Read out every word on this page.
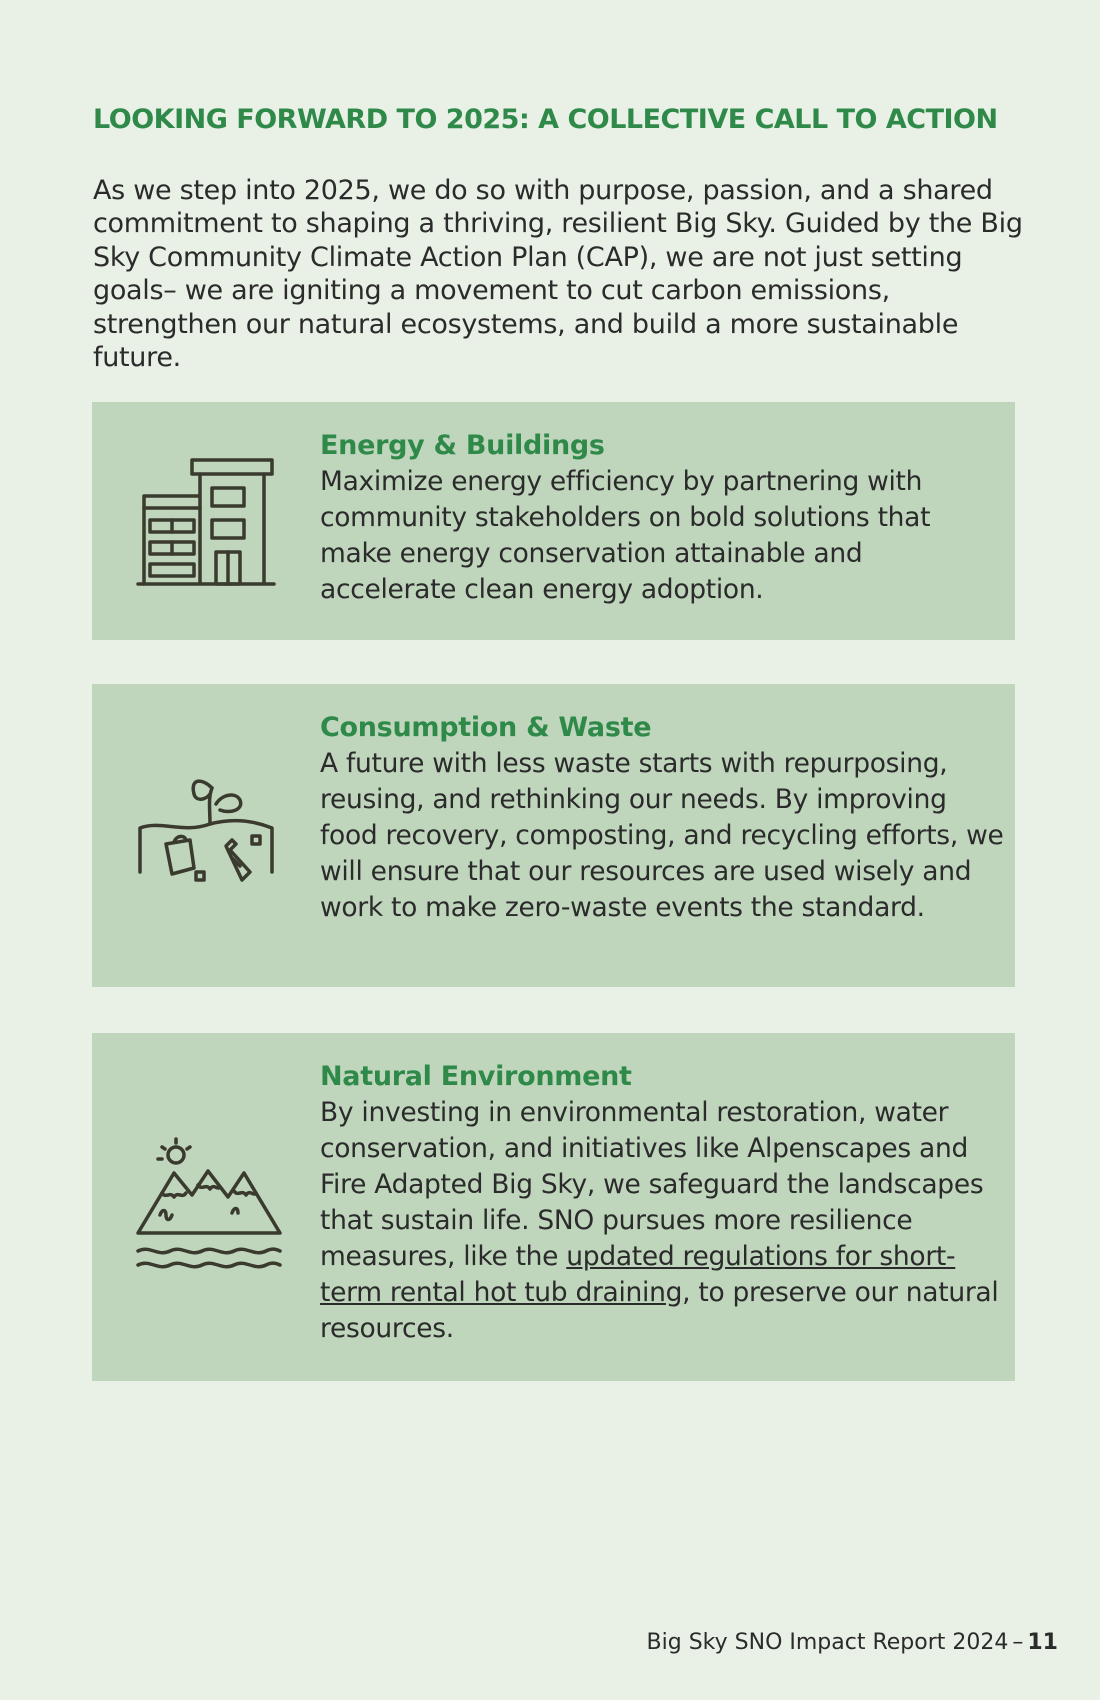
LOOKING FORWARD TO 2025: A COLLECTIVE CALL TO ACTION
As we step into 2025, we do so with purpose, passion, and a shared commitment to shaping a thriving, resilient Big Sky. Guided by the Big Sky Community Climate Action Plan (CAP), we are not just setting goals– we are igniting a movement to cut carbon emissions, strengthen our natural ecosystems, and build a more sustainable future.
Energy & Buildings
Maximize energy efficiency by partnering with community stakeholders on bold solutions that make energy conservation attainable and accelerate clean energy adoption.
Consumption & Waste
A future with less waste starts with repurposing, reusing, and rethinking our needs. By improving food recovery, composting, and recycling efforts, we will ensure that our resources are used wisely and work to make zero-waste events the standard.
Natural Environment
By investing in environmental restoration, water conservation, and initiatives like Alpenscapes and Fire Adapted Big Sky, we safeguard the landscapes that sustain life. SNO pursues more resilience measures, like the updated regulations for short-term rental hot tub draining, to preserve our natural resources.
Big Sky SNO Impact Report 2024 – 11
